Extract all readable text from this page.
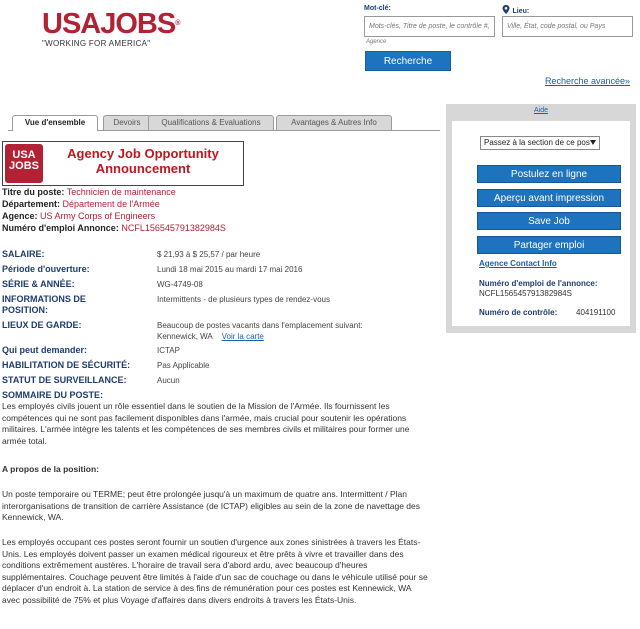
USAJOBS®
"WORKING FOR AMERICA"
Mot-clé:
Mots-clés, Titre de poste, le contrôle #,
Agence
Lieu:
Ville, État, code postal, ou Pays
Recherche
Recherche avancée»
Vue d'ensemble	Devoirs	Qualifications & Evaluations	Avantages & Autres Info
USA
JOBS
Agency Job Opportunity
Announcement
Titre du poste: Technicien de maintenance
Département: Département de l'Armée
Agence: US Army Corps of Engineers
Numéro d'emploi Annonce: NCFL156545791382984S
SALAIRE:	$ 21,93 à $ 25,57 / par heure
Période d'ouverture:	Lundi 18 mai 2015 au mardi 17 mai 2016
SÉRIE & ANNÉE:	WG-4749-08
INFORMATIONS DE
POSITION:
Intermittents - de plusieurs types de rendez-vous
LIEUX DE GARDE:	Beaucoup de postes vacants dans l'emplacement suivant:
Kennewick, WA Voir la carte
Qui peut demander:	ICTAP
HABILITATION DE SÉCURITÉ:	Pas Applicable
STATUT DE SURVEILLANCE:	Aucun
SOMMAIRE DU POSTE:
Les employés civils jouent un rôle essentiel dans le soutien de la Mission de l'Armée. Ils fournissent les compétences qui ne sont pas facilement disponibles dans l'armée, mais crucial pour soutenir les opérations militaires. L'armée intègre les talents et les compétences de ses membres civils et militaires pour former une armée total.
A propos de la position:
Un poste temporaire ou TERME; peut être prolongée jusqu'à un maximum de quatre ans. Intermittent / Plan interorganisations de transition de carrière Assistance (de ICTAP) eligibles au sein de la zone de navettage des Kennewick, WA.
Les employés occupant ces postes seront fournir un soutien d'urgence aux zones sinistrées à travers les États-Unis. Les employés doivent passer un examen médical rigoureux et être prêts à vivre et travailler dans des conditions extrêmement austères. L'horaire de travail sera d'abord ardu, avec beaucoup d'heures supplémentaires. Couchage peuvent être limités à l'aide d'un sac de couchage ou dans le véhicule utilisé pour se déplacer d'un endroit à. La station de service à des fins de rémunération pour ces postes est Kennewick, WA avec possibilité de 75% et plus Voyage d'affaires dans divers endroits à travers les États-Unis.
Passez à la section de ce pos
Postulez en ligne
Aperçu avant impression
Save Job
Partager emploi
Agence Contact Info
Numéro d'emploi de l'annonce:
NCFL156545791382984S
Numéro de contrôle: 404191100
Aide
